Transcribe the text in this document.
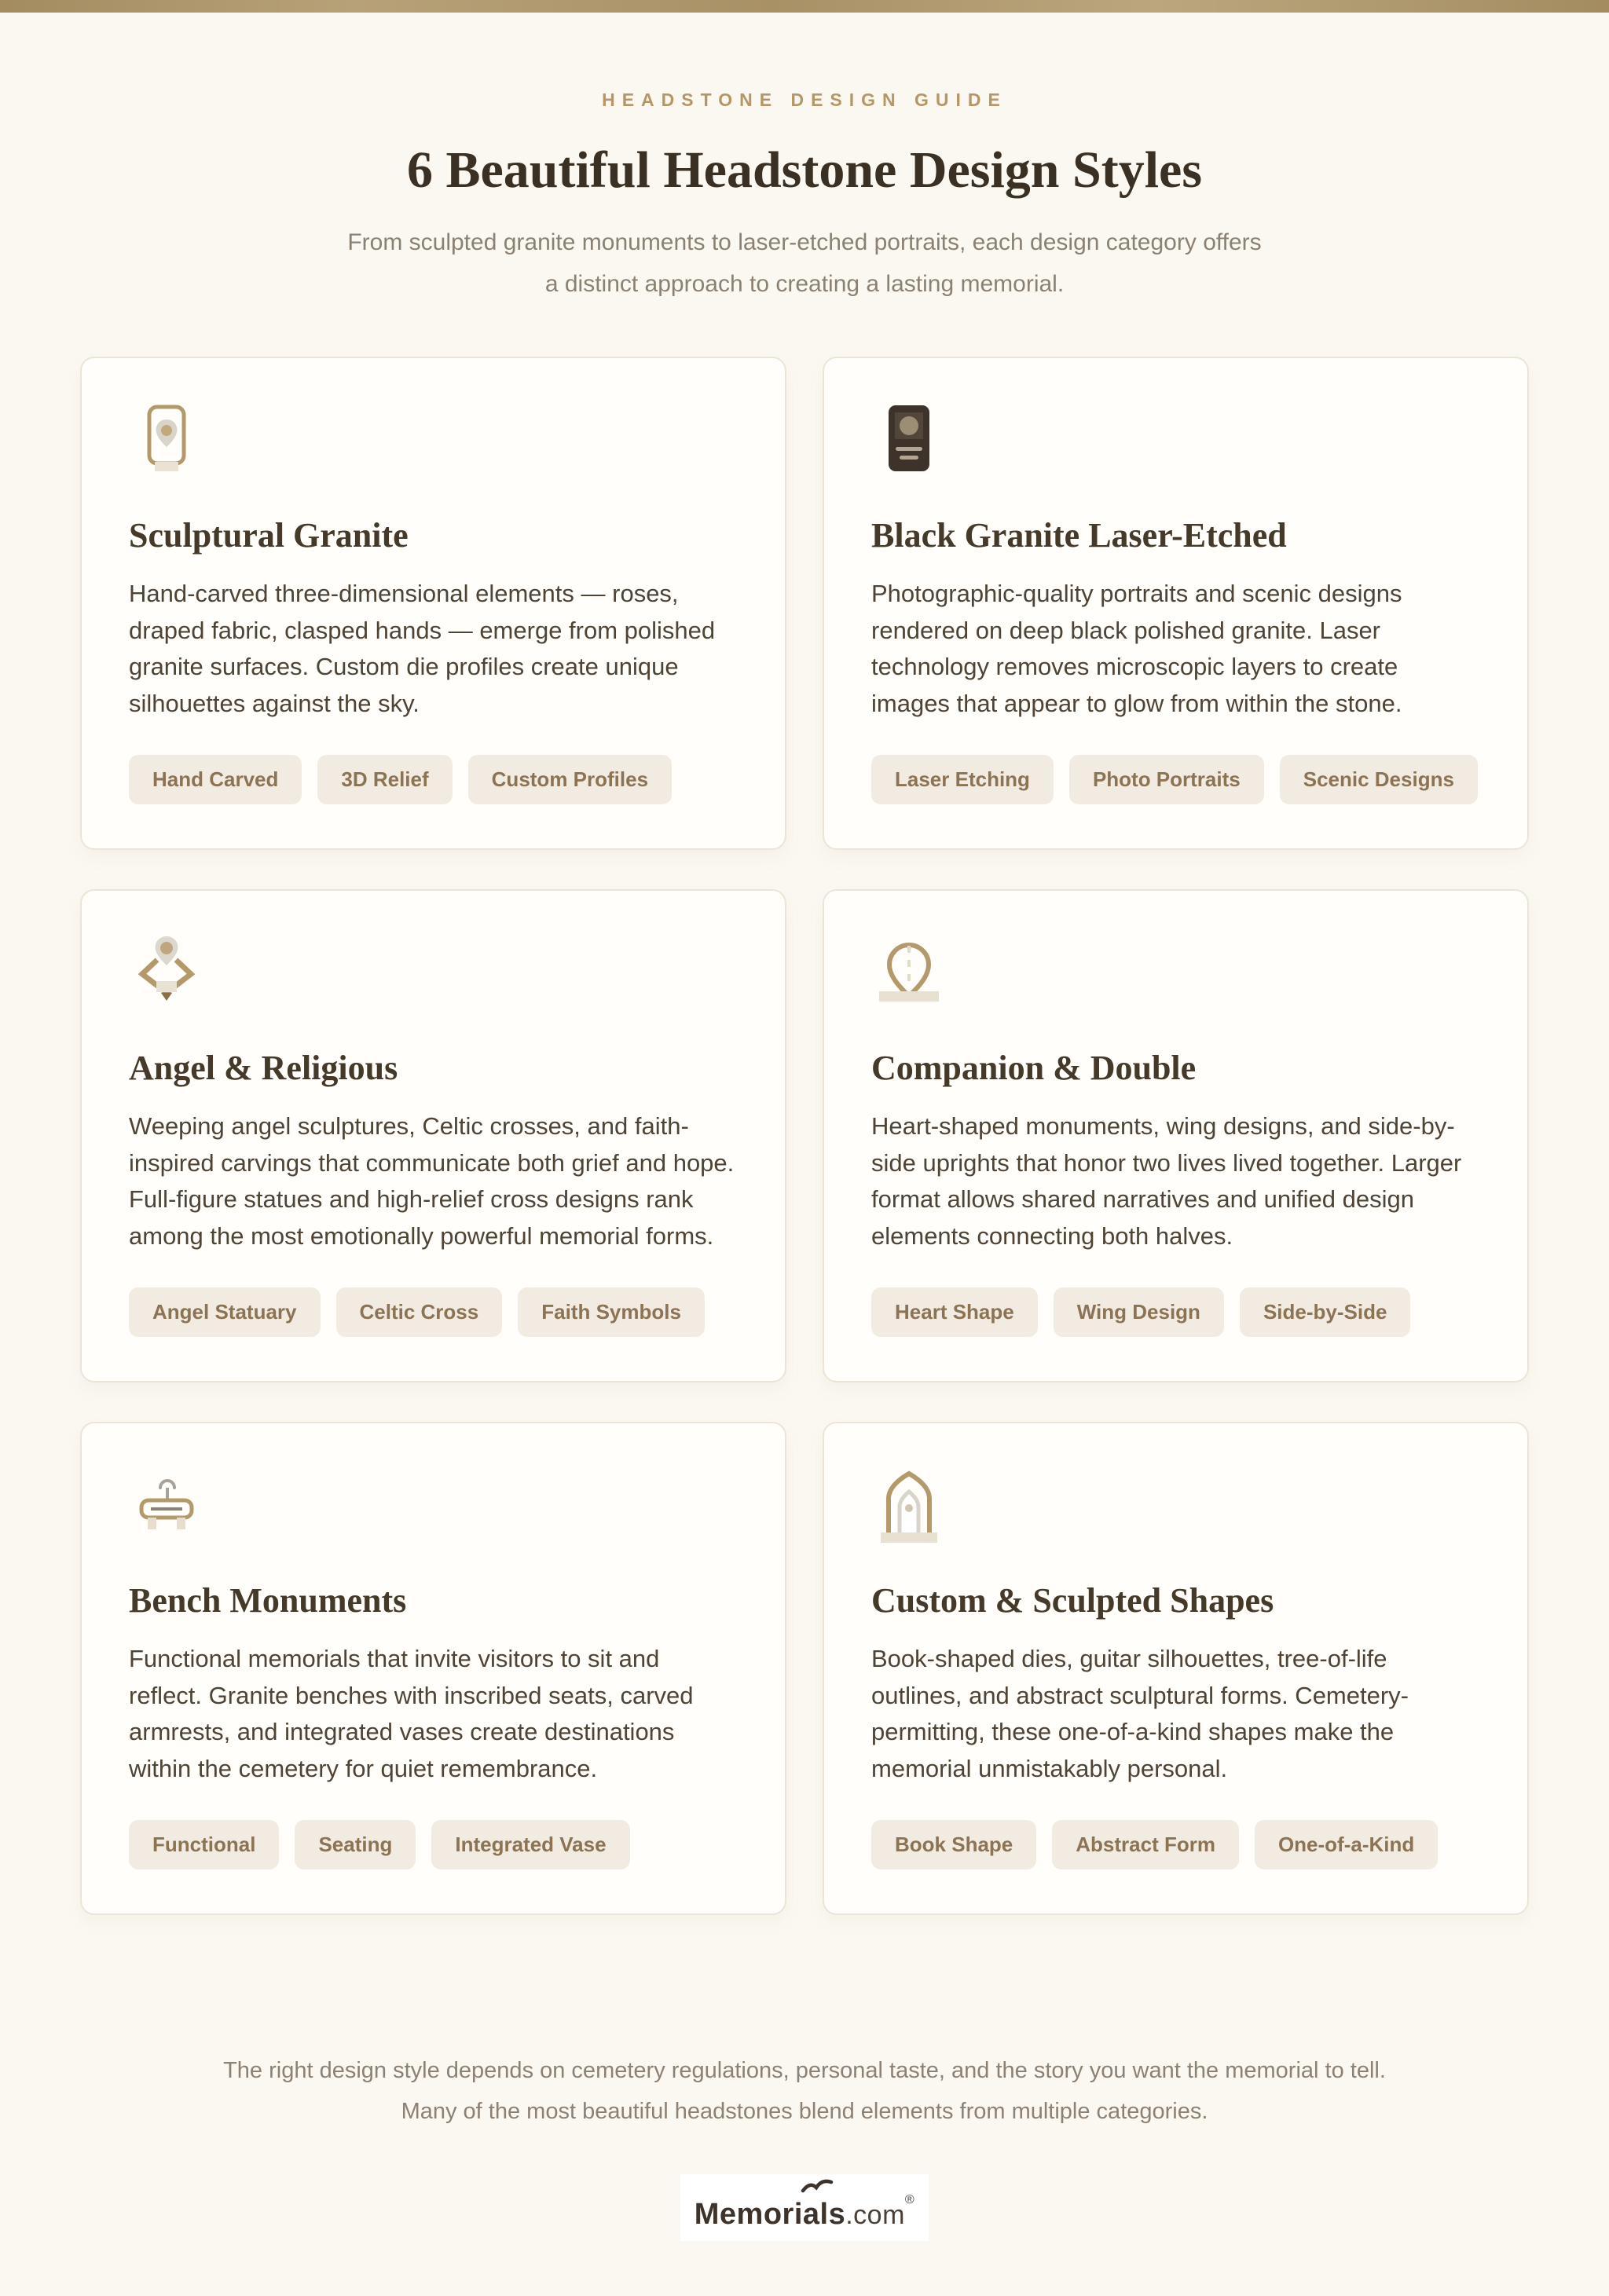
HEADSTONE DESIGN GUIDE
6 Beautiful Headstone Design Styles

From sculpted granite monuments to laser-etched portraits, each design category offers a distinct approach to creating a lasting memorial.

Sculptural Granite

Hand-carved three-dimensional elements — roses, draped fabric, clasped hands — emerge from polished granite surfaces. Custom die profiles create unique silhouettes against the sky.

Hand Carved	3D Relief	Custom Profiles
Black Granite Laser-Etched

Photographic-quality portraits and scenic designs rendered on deep black polished granite. Laser technology removes microscopic layers to create images that appear to glow from within the stone.

Laser Etching	Photo Portraits	Scenic Designs
Angel & Religious

Weeping angel sculptures, Celtic crosses, and faith-inspired carvings that communicate both grief and hope. Full-figure statues and high-relief cross designs rank among the most emotionally powerful memorial forms.

Angel Statuary	Celtic Cross	Faith Symbols
Companion & Double

Heart-shaped monuments, wing designs, and side-by-side uprights that honor two lives lived together. Larger format allows shared narratives and unified design elements connecting both halves.

Heart Shape	Wing Design	Side-by-Side
Bench Monuments

Functional memorials that invite visitors to sit and reflect. Granite benches with inscribed seats, carved armrests, and integrated vases create destinations within the cemetery for quiet remembrance.

Functional	Seating	Integrated Vase
Custom & Sculpted Shapes

Book-shaped dies, guitar silhouettes, tree-of-life outlines, and abstract sculptural forms. Cemetery-permitting, these one-of-a-kind shapes make the memorial unmistakably personal.

Book Shape	Abstract Form	One-of-a-Kind
The right design style depends on cemetery regulations, personal taste, and the story you want the memorial to tell.
Many of the most beautiful headstones blend elements from multiple categories.
Memorials.com®
